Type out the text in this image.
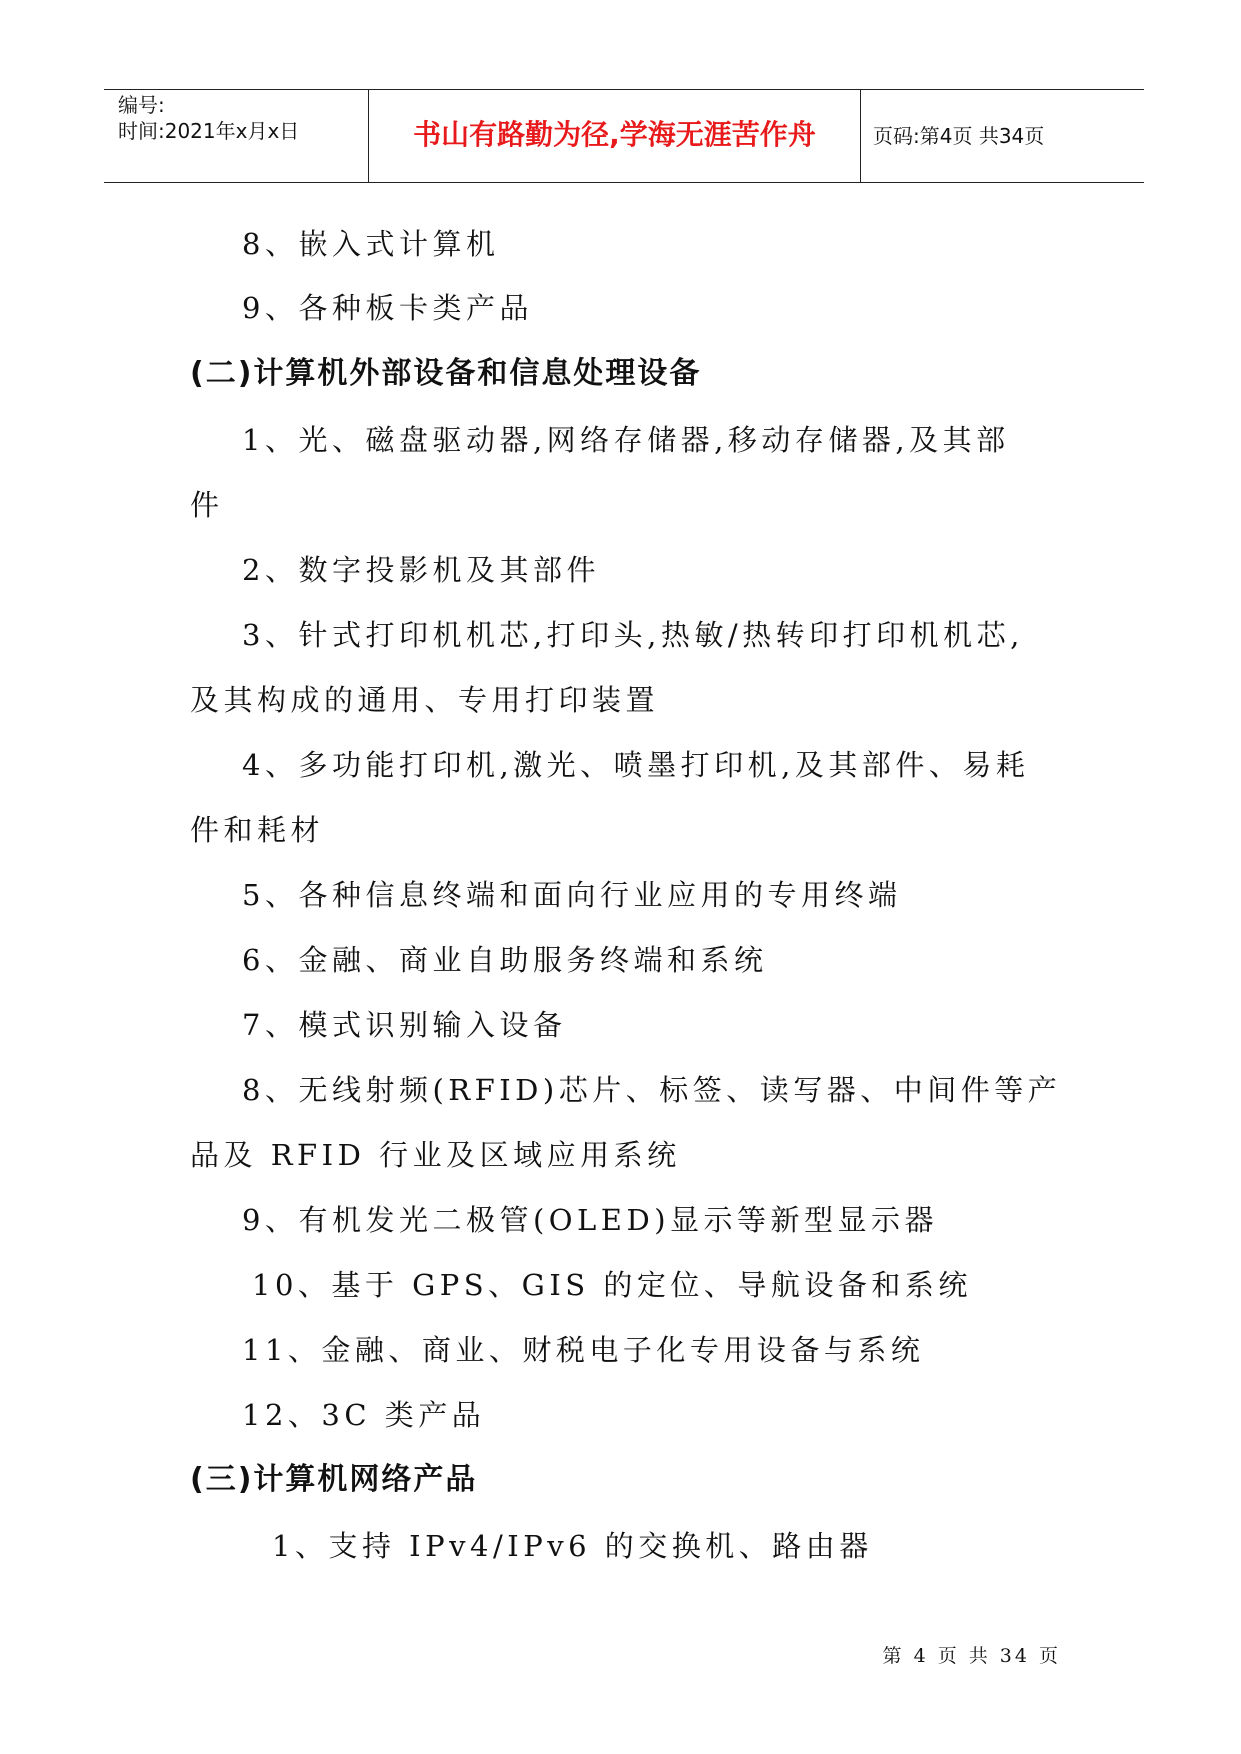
编号:
时间:2021年x月x日	书山有路勤为径,学海无涯苦作舟	页码:第4页 共34页
8、嵌入式计算机
9、各种板卡类产品
(二)计算机外部设备和信息处理设备
1、光、磁盘驱动器,网络存储器,移动存储器,及其部
件
2、数字投影机及其部件
3、针式打印机机芯,打印头,热敏/热转印打印机机芯,
及其构成的通用、专用打印装置
4、多功能打印机,激光、喷墨打印机,及其部件、易耗
件和耗材
5、各种信息终端和面向行业应用的专用终端
6、金融、商业自助服务终端和系统
7、模式识别输入设备
8、无线射频(RFID)芯片、标签、读写器、中间件等产
品及 RFID 行业及区域应用系统
9、有机发光二极管(OLED)显示等新型显示器
10、基于 GPS、GIS 的定位、导航设备和系统
11、金融、商业、财税电子化专用设备与系统
12、3C 类产品
(三)计算机网络产品
1、支持 IPv4/IPv6 的交换机、路由器
第 4 页 共 34 页
